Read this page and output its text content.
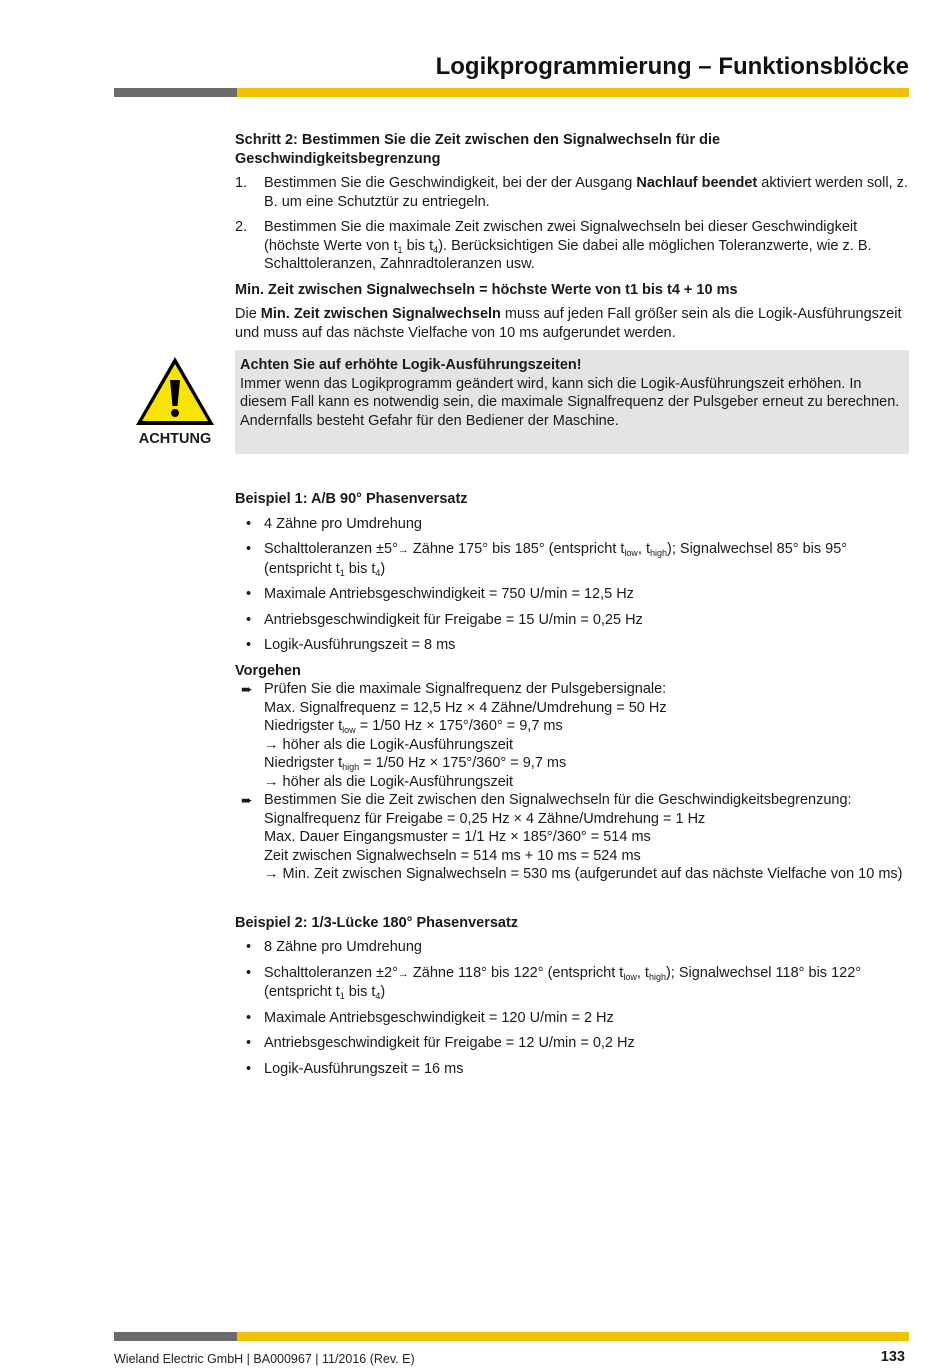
Logikprogrammierung – Funktionsblöcke
Schritt 2: Bestimmen Sie die Zeit zwischen den Signalwechseln für die
Geschwindigkeitsbegrenzung
1. Bestimmen Sie die Geschwindigkeit, bei der der Ausgang Nachlauf beendet aktiviert werden soll, z. B. um eine Schutztür zu entriegeln.
2. Bestimmen Sie die maximale Zeit zwischen zwei Signalwechseln bei dieser Geschwindigkeit (höchste Werte von $t_1$ bis $t_4$). Berücksichtigen Sie dabei alle möglichen Toleranzwerte, wie z. B. Schalttoleranzen, Zahnradtoleranzen usw.
Min. Zeit zwischen Signalwechseln = höchste Werte von t1 bis t4 + 10 ms
Die Min. Zeit zwischen Signalwechseln muss auf jeden Fall größer sein als die Logik-Ausführungszeit und muss auf das nächste Vielfache von 10 ms aufgerundet werden.
ACHTUNG
Achten Sie auf erhöhte Logik-Ausführungszeiten!
Immer wenn das Logikprogramm geändert wird, kann sich die Logik-Ausführungszeit erhöhen. In diesem Fall kann es notwendig sein, die maximale Signalfrequenz der Pulsgeber erneut zu berechnen. Andernfalls besteht Gefahr für den Bediener der Maschine.
Beispiel 1: A/B 90° Phasenversatz
• 4 Zähne pro Umdrehung
• Schalttoleranzen ±5°→ Zähne 175° bis 185° (entspricht $t_{low}$, $t_{high}$); Signalwechsel 85° bis 95° (entspricht $t_1$ bis $t_4$)
• Maximale Antriebsgeschwindigkeit = 750 U/min = 12,5 Hz
• Antriebsgeschwindigkeit für Freigabe = 15 U/min = 0,25 Hz
• Logik-Ausführungszeit = 8 ms
Vorgehen
➨ Prüfen Sie die maximale Signalfrequenz der Pulsgebersignale:
Max. Signalfrequenz = 12,5 Hz × 4 Zähne/Umdrehung = 50 Hz
Niedrigster $t_{low} = 1/50$ Hz × 175°/360° = 9,7 ms
→ höher als die Logik-Ausführungszeit
Niedrigster $t_{high} = 1/50$ Hz × 175°/360° = 9,7 ms
→ höher als die Logik-Ausführungszeit
➨ Bestimmen Sie die Zeit zwischen den Signalwechseln für die Geschwindigkeitsbegrenzung:
Signalfrequenz für Freigabe = 0,25 Hz × 4 Zähne/Umdrehung = 1 Hz
Max. Dauer Eingangsmuster = 1/1 Hz × 185°/360° = 514 ms
Zeit zwischen Signalwechseln = 514 ms + 10 ms = 524 ms
→ Min. Zeit zwischen Signalwechseln = 530 ms (aufgerundet auf das nächste Vielfache von 10 ms)
Beispiel 2: 1/3-Lücke 180° Phasenversatz
• 8 Zähne pro Umdrehung
• Schalttoleranzen ±2°→ Zähne 118° bis 122° (entspricht $t_{low}$, $t_{high}$); Signalwechsel 118° bis 122° (entspricht $t_1$ bis $t_4$)
• Maximale Antriebsgeschwindigkeit = 120 U/min = 2 Hz
• Antriebsgeschwindigkeit für Freigabe = 12 U/min = 0,2 Hz
• Logik-Ausführungszeit = 16 ms
Wieland Electric GmbH | BA000967 | 11/2016 (Rev. E)	133
